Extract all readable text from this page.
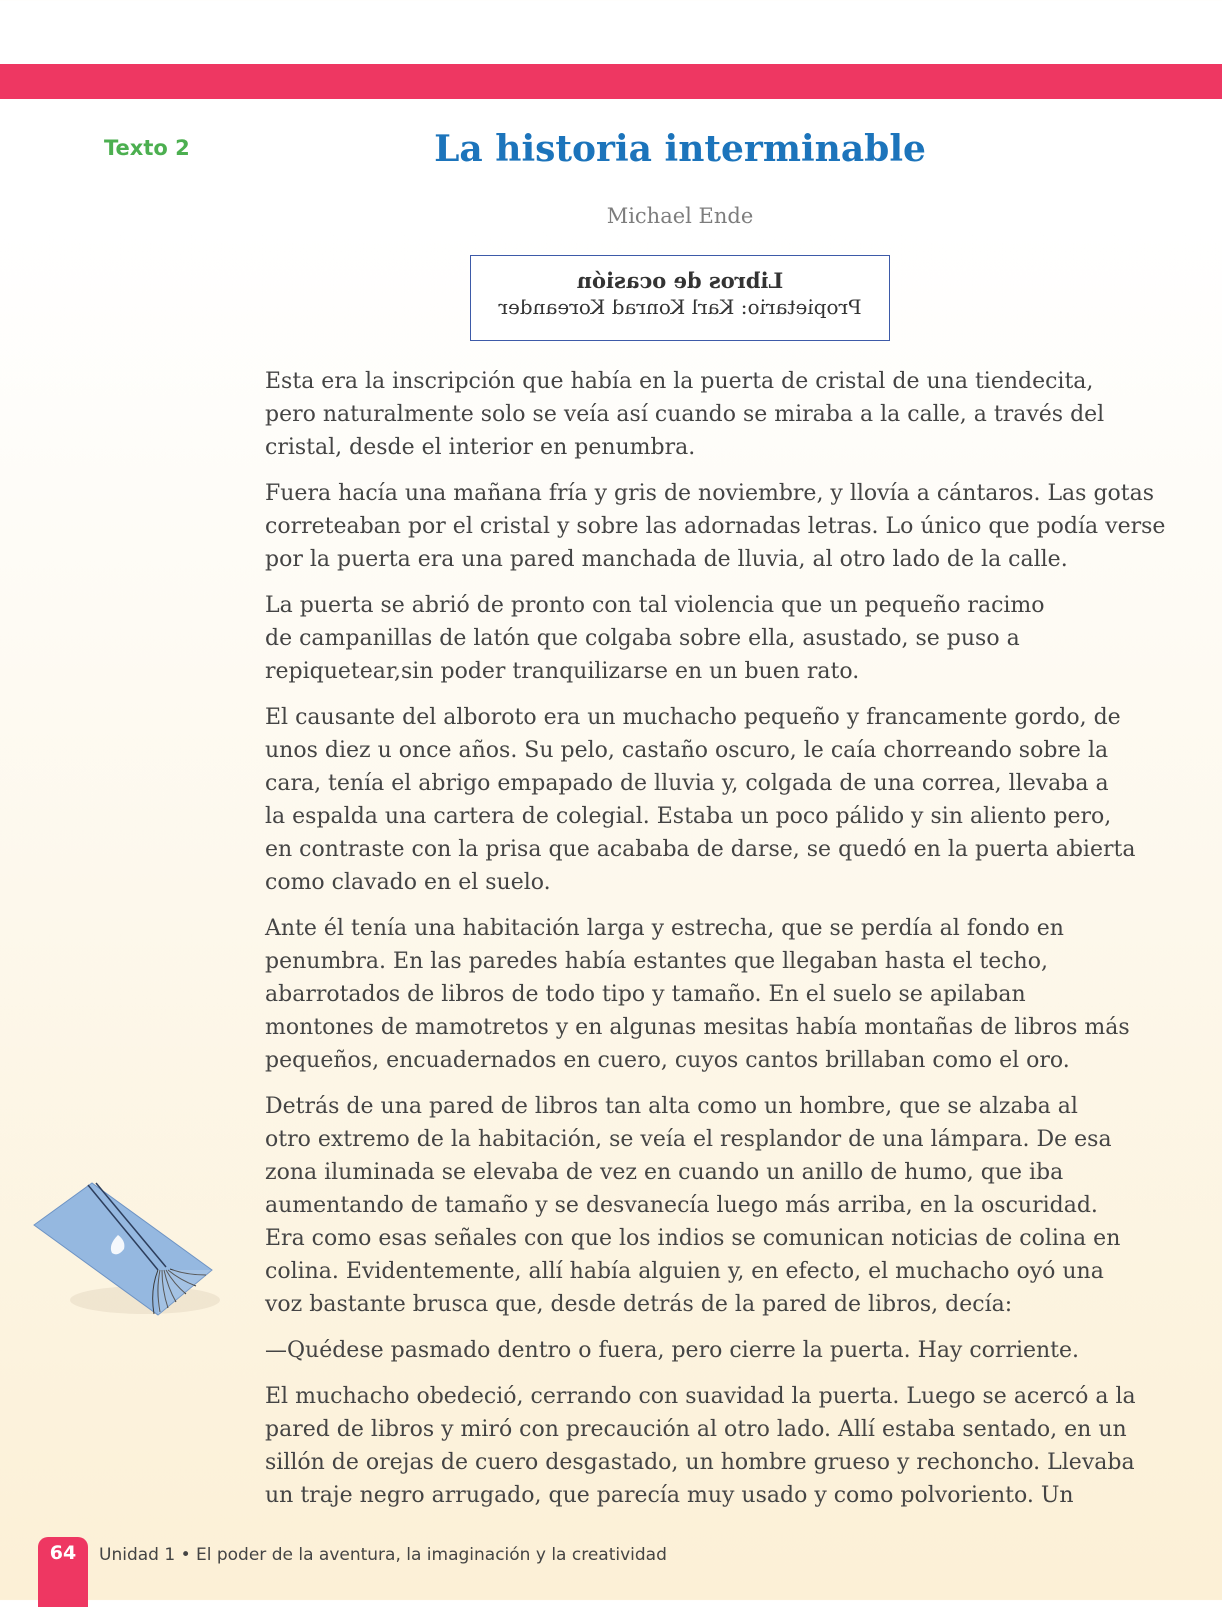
Texto 2	La historia interminable
Michael Ende
Libros de ocasión
Propietario: Karl Konrad Koreander

Esta era la inscripción que había en la puerta de cristal de una tiendecita,
pero naturalmente solo se veía así cuando se miraba a la calle, a través del
cristal, desde el interior en penumbra.

Fuera hacía una mañana fría y gris de noviembre, y llovía a cántaros. Las gotas
correteaban por el cristal y sobre las adornadas letras. Lo único que podía verse
por la puerta era una pared manchada de lluvia, al otro lado de la calle.

La puerta se abrió de pronto con tal violencia que un pequeño racimo
de campanillas de latón que colgaba sobre ella, asustado, se puso a
repiquetear,sin poder tranquilizarse en un buen rato.

El causante del alboroto era un muchacho pequeño y francamente gordo, de
unos diez u once años. Su pelo, castaño oscuro, le caía chorreando sobre la
cara, tenía el abrigo empapado de lluvia y, colgada de una correa, llevaba a
la espalda una cartera de colegial. Estaba un poco pálido y sin aliento pero,
en contraste con la prisa que acababa de darse, se quedó en la puerta abierta
como clavado en el suelo.

Ante él tenía una habitación larga y estrecha, que se perdía al fondo en
penumbra. En las paredes había estantes que llegaban hasta el techo,
abarrotados de libros de todo tipo y tamaño. En el suelo se apilaban
montones de mamotretos y en algunas mesitas había montañas de libros más
pequeños, encuadernados en cuero, cuyos cantos brillaban como el oro.

Detrás de una pared de libros tan alta como un hombre, que se alzaba al
otro extremo de la habitación, se veía el resplandor de una lámpara. De esa
zona iluminada se elevaba de vez en cuando un anillo de humo, que iba
aumentando de tamaño y se desvanecía luego más arriba, en la oscuridad.
Era como esas señales con que los indios se comunican noticias de colina en
colina. Evidentemente, allí había alguien y, en efecto, el muchacho oyó una
voz bastante brusca que, desde detrás de la pared de libros, decía:

—Quédese pasmado dentro o fuera, pero cierre la puerta. Hay corriente.

El muchacho obedeció, cerrando con suavidad la puerta. Luego se acercó a la
pared de libros y miró con precaución al otro lado. Allí estaba sentado, en un
sillón de orejas de cuero desgastado, un hombre grueso y rechoncho. Llevaba
un traje negro arrugado, que parecía muy usado y como polvoriento. Un

64	Unidad 1 • El poder de la aventura, la imaginación y la creatividad
